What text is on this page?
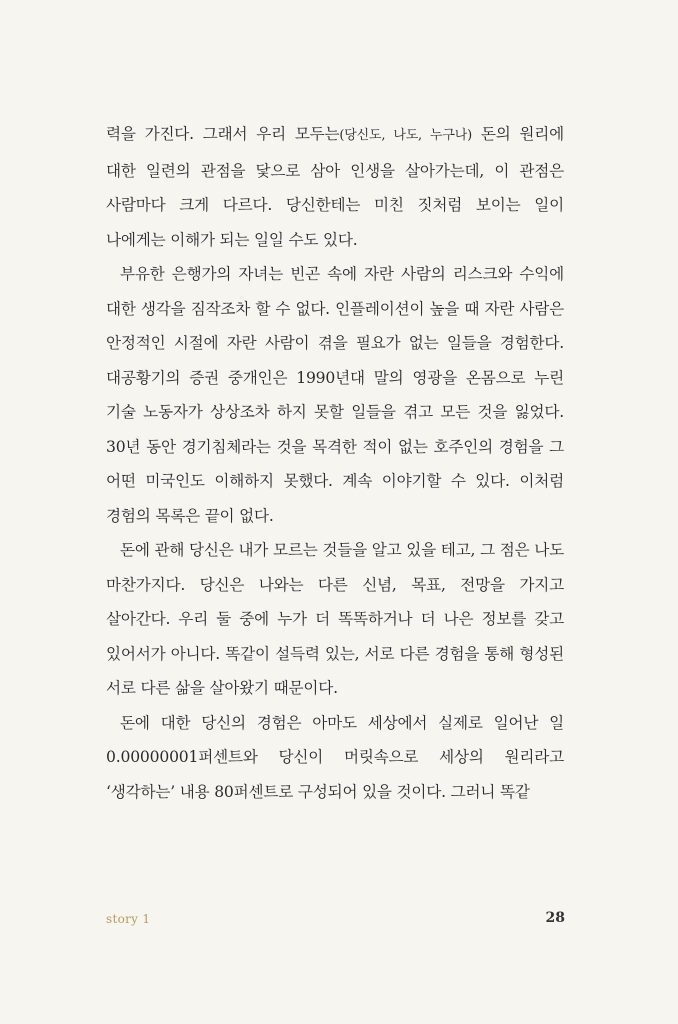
력을 가진다. 그래서 우리 모두는(당신도, 나도, 누구나) 돈의 원리에 대한 일련의 관점을 닻으로 삼아 인생을 살아가는데, 이 관점은 사람마다 크게 다르다. 당신한테는 미친 짓처럼 보이는 일이 나에게는 이해가 되는 일일 수도 있다.

부유한 은행가의 자녀는 빈곤 속에 자란 사람의 리스크와 수익에 대한 생각을 짐작조차 할 수 없다. 인플레이션이 높을 때 자란 사람은 안정적인 시절에 자란 사람이 겪을 필요가 없는 일들을 경험한다. 대공황기의 증권 중개인은 1990년대 말의 영광을 온몸으로 누린 기술 노동자가 상상조차 하지 못할 일들을 겪고 모든 것을 잃었다. 30년 동안 경기침체라는 것을 목격한 적이 없는 호주인의 경험을 그 어떤 미국인도 이해하지 못했다. 계속 이야기할 수 있다. 이처럼 경험의 목록은 끝이 없다.

돈에 관해 당신은 내가 모르는 것들을 알고 있을 테고, 그 점은 나도 마찬가지다. 당신은 나와는 다른 신념, 목표, 전망을 가지고 살아간다. 우리 둘 중에 누가 더 똑똑하거나 더 나은 정보를 갖고 있어서가 아니다. 똑같이 설득력 있는, 서로 다른 경험을 통해 형성된 서로 다른 삶을 살아왔기 때문이다.

돈에 대한 당신의 경험은 아마도 세상에서 실제로 일어난 일 0.00000001퍼센트와 당신이 머릿속으로 세상의 원리라고 ‘생각하는’ 내용 80퍼센트로 구성되어 있을 것이다. 그러니 똑같

story 1	28
